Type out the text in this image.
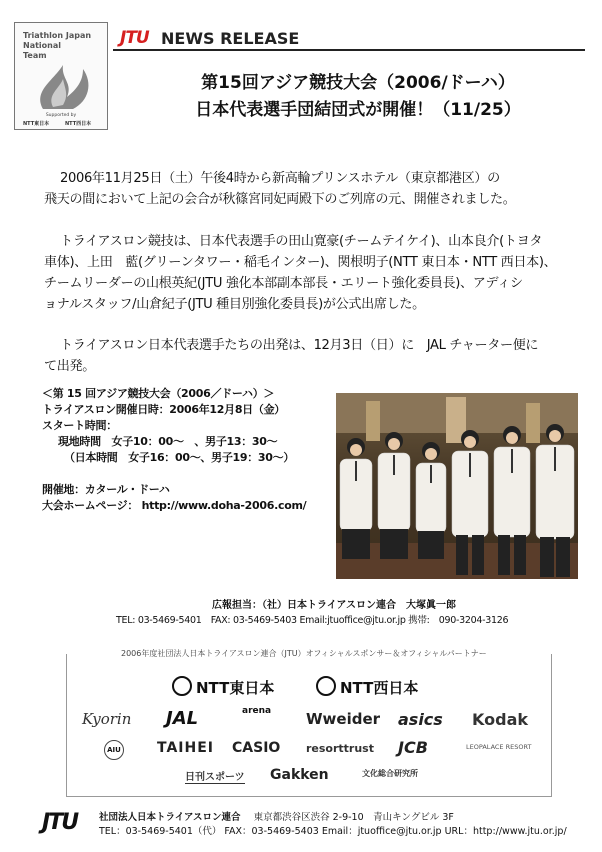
Triathlon Japan
National
Team
Supported by
NTT東日本	NTT西日本
JTU NEWS RELEASE
第15回アジア競技大会（2006/ドーハ）
日本代表選手団結団式が開催！（11/25）
2006年11月25日（土）午後4時から新高輪プリンスホテル（東京都港区）の
飛天の間において上記の会合が秋篠宮同妃両殿下のご列席の元、開催されました。
トライアスロン競技は、日本代表選手の田山寛豪(チームテイケイ)、山本良介(トヨタ
車体)、上田　藍(グリーンタワー・稲毛インター)、関根明子(NTT 東日本・NTT 西日本)、
チームリーダーの山根英紀(JTU 強化本部副本部長・エリート強化委員長)、アディシ
ョナルスタッフ/山倉紀子(JTU 種目別強化委員長)が公式出席した。
トライアスロン日本代表選手たちの出発は、12月3日（日）に　JAL チャーター便に
て出発。
＜第 15 回アジア競技大会（2006／ドーハ）＞
トライアスロン開催日時：2006年12月8日（金）
スタート時間：
現地時間　女子10：00～　、男子13：30～
（日本時間　女子16：00～、男子19：30～）
開催地：カタール・ドーハ
大会ホームページ： http://www.doha-2006.com/
広報担当：（社）日本トライアスロン連合　大塚眞一郎
TEL: 03-5469-5401　FAX: 03-5469-5403 Email:jtuoffice@jtu.or.jp 携帯:　090-3204-3126
2006年度社団法人日本トライアスロン連合（JTU）オフィシャルスポンサー＆オフィシャルパートナー
NTT東日本	NTT西日本
Kyorin JAL	arena Wweider asics Kodak
AIU	TAIHEI CASIO resorttrust JCB	LEOPALACE RESORT
日刊スポーツ Gakken	文化総合研究所
JTU 社団法人日本トライアスロン連合 東京都渋谷区渋谷 2-9-10　青山キングビル 3F
TEL：03-5469-5401（代） FAX：03-5469-5403 Email：jtuoffice@jtu.or.jp URL：http://www.jtu.or.jp/
